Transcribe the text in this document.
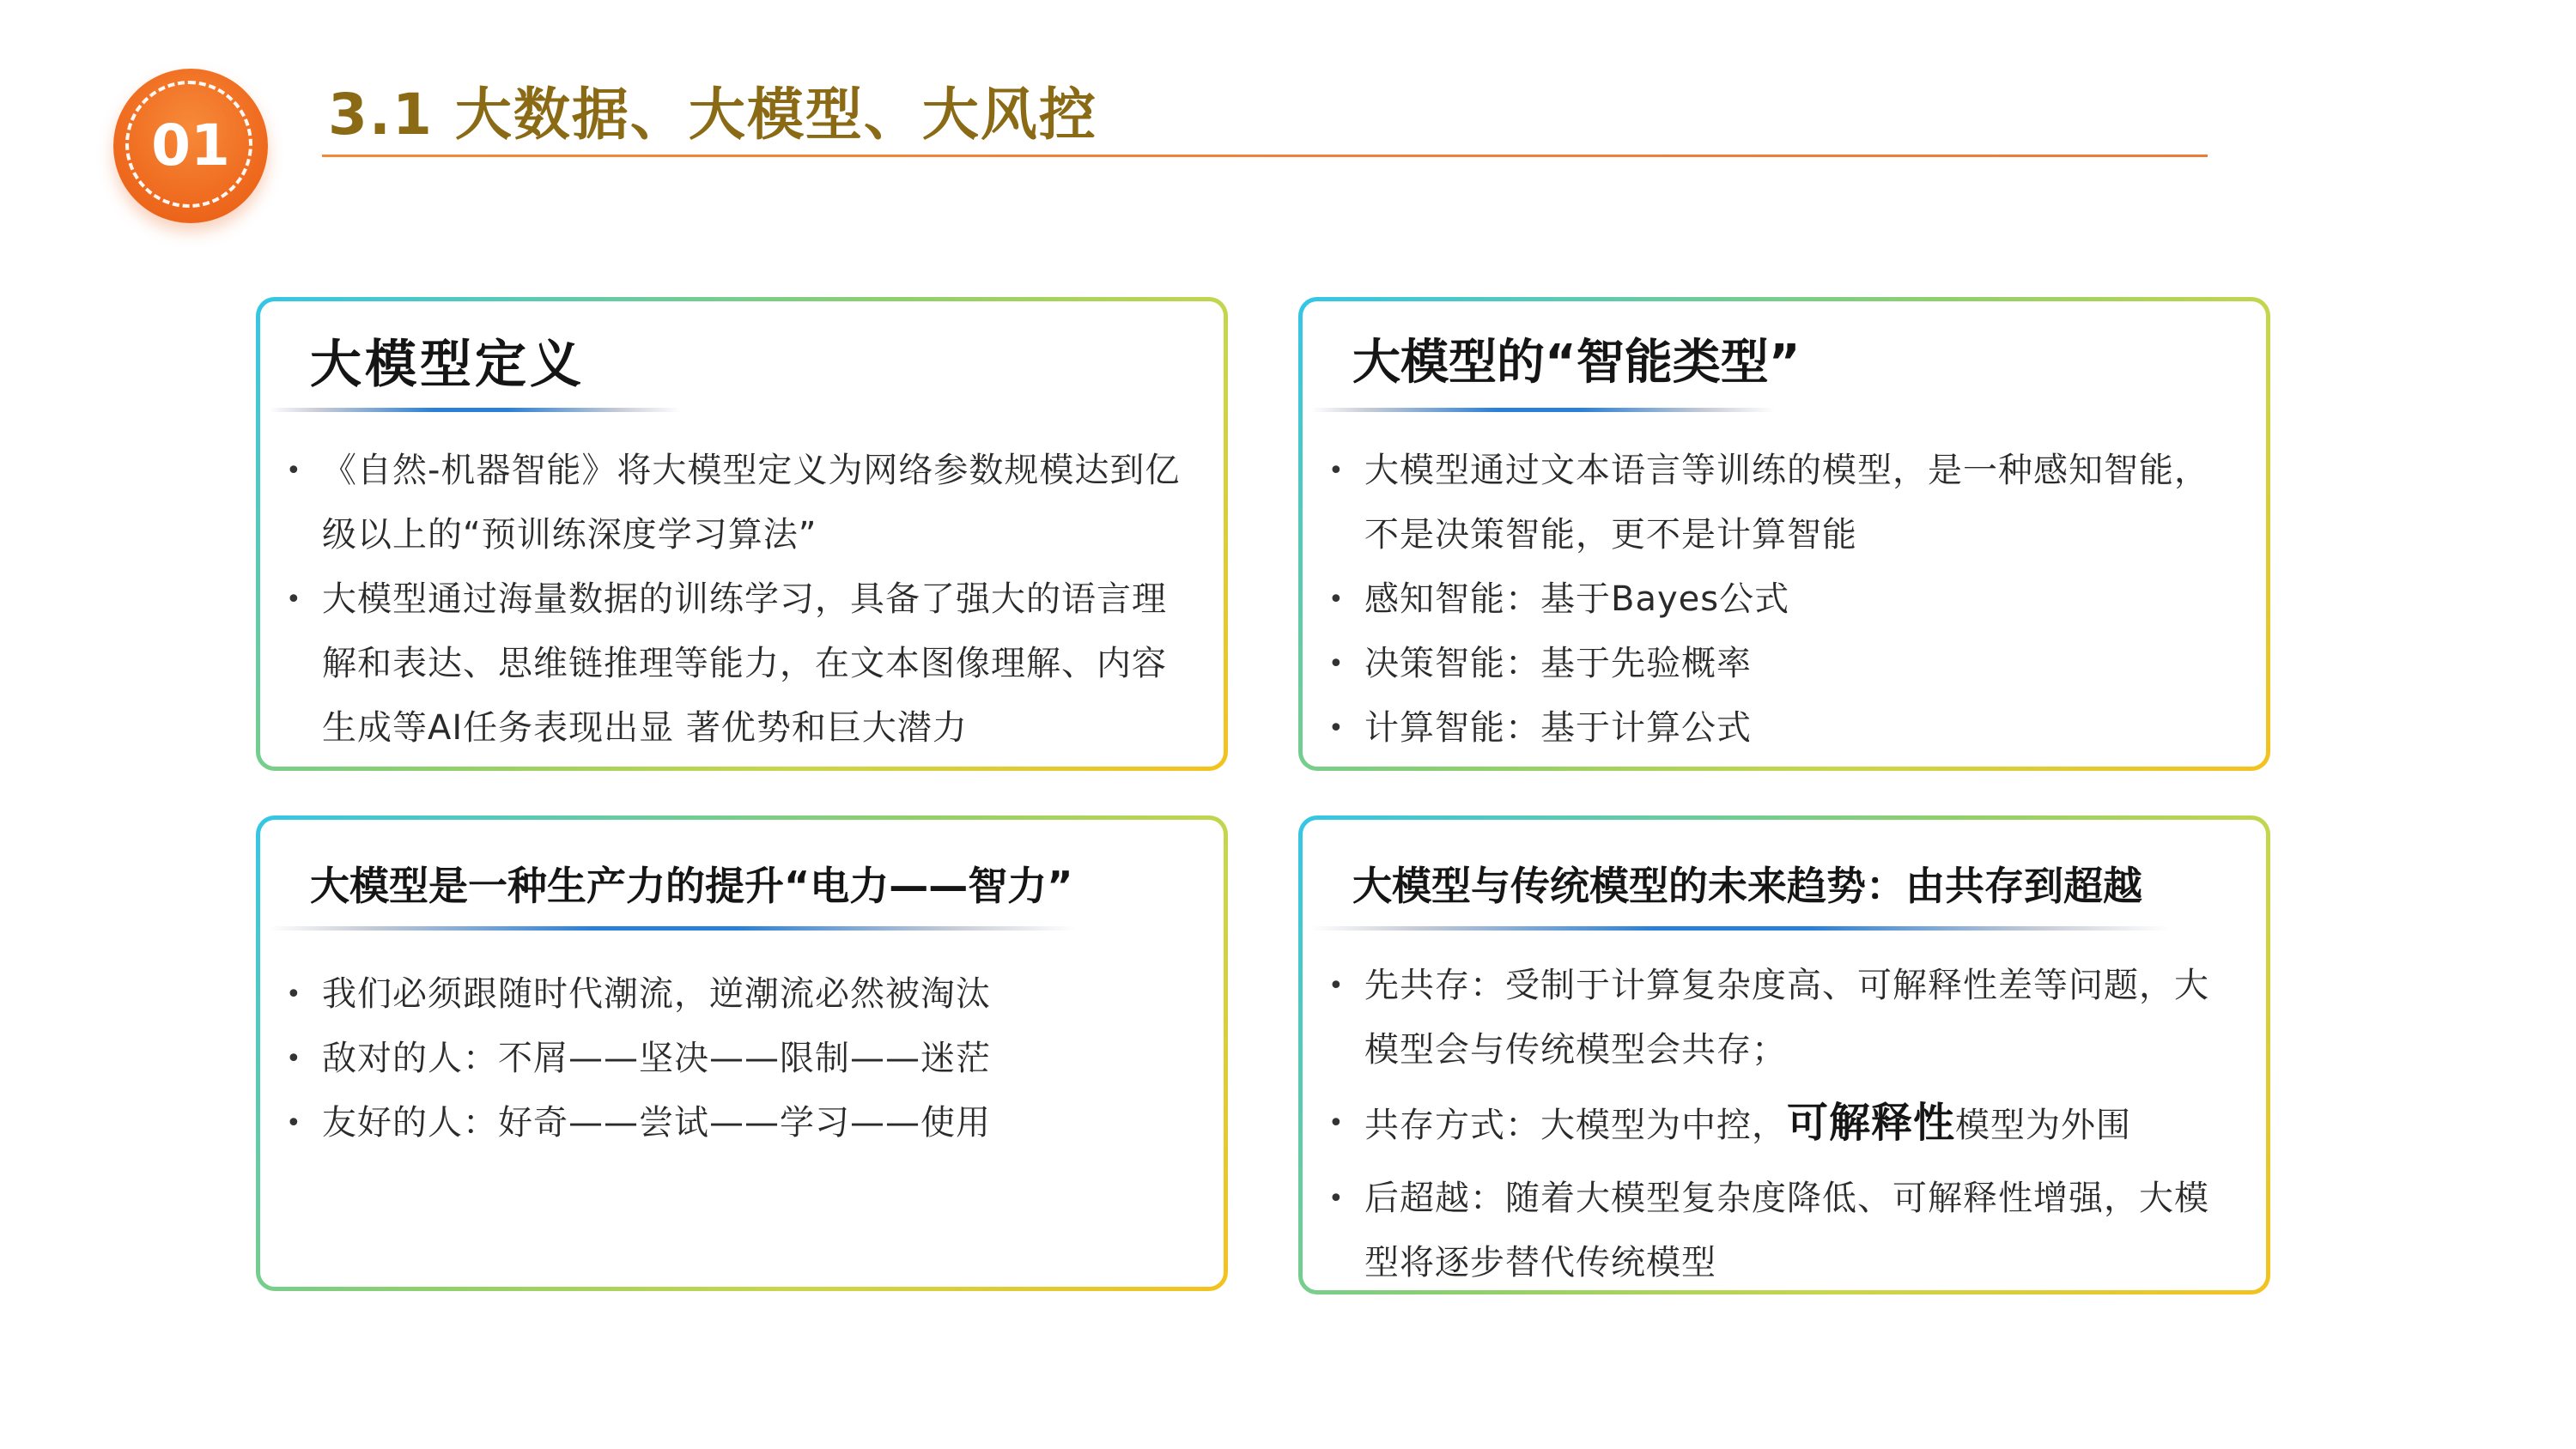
01	3.1 大数据、大模型、大风控
大模型定义
• 《自然-机器智能》将大模型定义为网络参数规模达到亿级以上的“预训练深度学习算法”
• 大模型通过海量数据的训练学习，具备了强大的语言理解和表达、思维链推理等能力，在文本图像理解、内容生成等AI任务表现出显 著优势和巨大潜力
大模型的“智能类型”
• 大模型通过文本语言等训练的模型，是一种感知智能，不是决策智能，更不是计算智能
• 感知智能：基于Bayes公式
• 决策智能：基于先验概率
• 计算智能：基于计算公式
大模型是一种生产力的提升“电力——智力”
• 我们必须跟随时代潮流，逆潮流必然被淘汰
• 敌对的人：不屑——坚决——限制——迷茫
• 友好的人：好奇——尝试——学习——使用
大模型与传统模型的未来趋势：由共存到超越
• 先共存：受制于计算复杂度高、可解释性差等问题，大模型会与传统模型会共存；
• 共存方式：大模型为中控，可解释性模型为外围
• 后超越：随着大模型复杂度降低、可解释性增强，大模型将逐步替代传统模型
